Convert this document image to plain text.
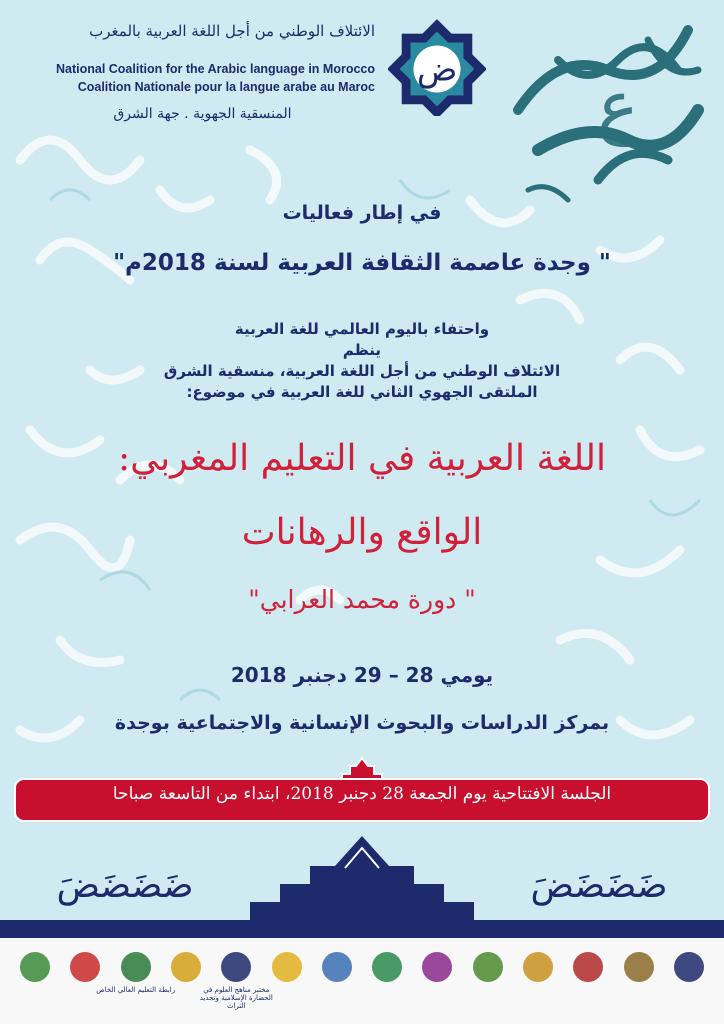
الائتلاف الوطني من أجل اللغة العربية بالمغرب
National Coalition for the Arabic language in Morocco
Coalition Nationale pour la langue arabe au Maroc
المنسقية الجهوية . جهة الشرق
ض ع
في إطار فعاليات
" وجدة عاصمة الثقافة العربية لسنة 2018م"
واحتفاء باليوم العالمي للغة العربية
ينظم
الائتلاف الوطني من أجل اللغة العربية، منسقية الشرق
الملتقى الجهوي الثاني للغة العربية في موضوع:
اللغة العربية في التعليم المغربي:
الواقع والرهانات
" دورة محمد العرابي"
يومي 28 – 29 دجنبر 2018
بمركز الدراسات والبحوث الإنسانية والاجتماعية بوجدة
الجلسة الافتتاحية يوم الجمعة 28 دجنبر 2018، ابتداء من التاسعة صباحا
ضَضَضَضَ	ضَضَضَضَ
رابطة التعليم العالي الخاص	مختبر مناهج العلوم في الحضارة الإسلامية وتجديد التراث
